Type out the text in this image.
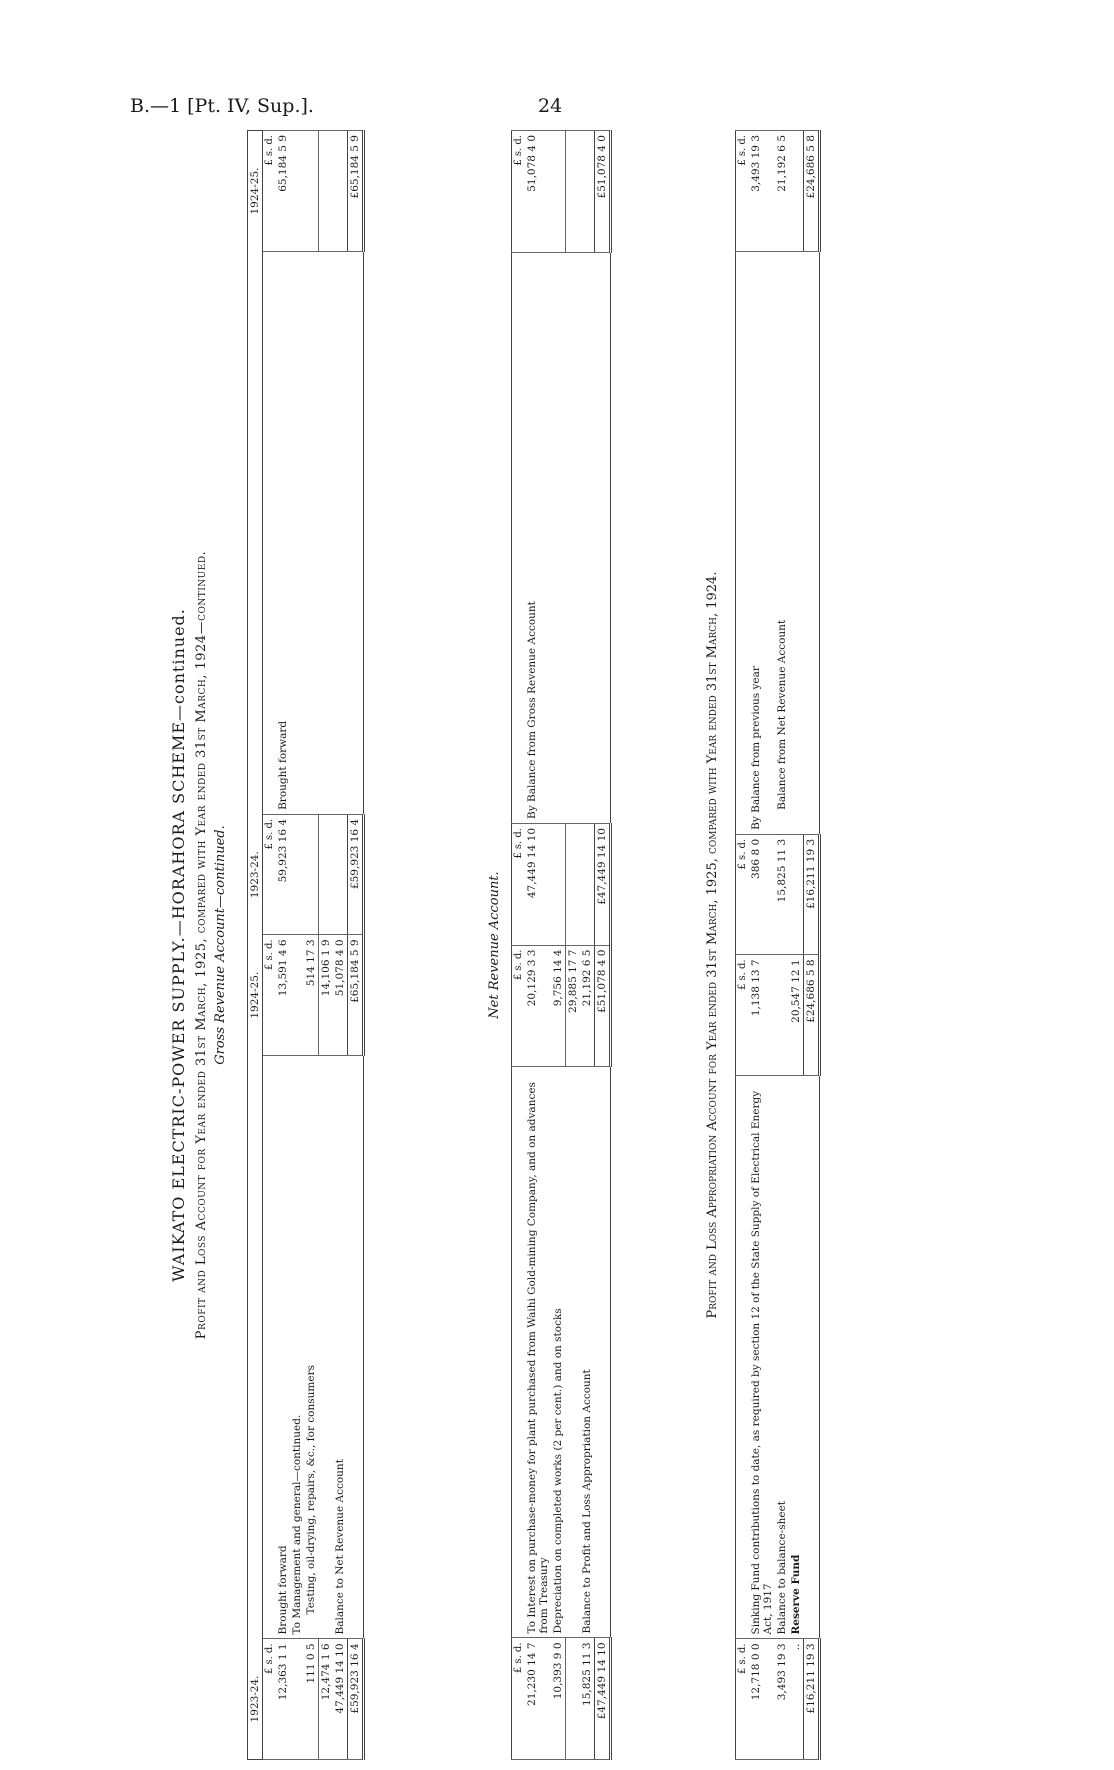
B.—1 [Pt. IV, Sup.].	24
WAIKATO ELECTRIC-POWER SUPPLY.—HORAHORA SCHEME—continued. Profit and Loss Account for Year ended 31st March, 1925, compared with Year ended 31st March, 1924—continued. Gross Revenue Account—continued.
1923-24.		1924-25.	1923-24.		1924-25.
£ s. d.		£ s. d.	£ s. d.		£ s. d.
12,363 1 1	Brought forward	13,591 4 6	59,923 16 4	Brought forward	65,184 5 9
	To Management and general—continued.				
111 0 5	Testing, oil-drying, repairs, &c., for consumers	514 17 3			
12,474 1 6		14,106 1 9			
47,449 14 10	Balance to Net Revenue Account	51,078 4 0			
£59,923 16 4		£65,184 5 9	£59,923 16 4		£65,184 5 9
Net Revenue Account.
£ s. d.		£ s. d.	£ s. d.		£ s. d.
21,230 14 7	To Interest on purchase-money for plant purchased from Waihi Gold-mining Company, and on advances from Treasury	20,129 3 3	47,449 14 10	By Balance from Gross Revenue Account	51,078 4 0
10,393 9 0	Depreciation on completed works (2 per cent.) and on stocks	9,756 14 4			
		29,885 17 7			
15,825 11 3	Balance to Profit and Loss Appropriation Account	21,192 6 5			
£47,449 14 10		£51,078 4 0	£47,449 14 10		£51,078 4 0
Profit and Loss Appropriation Account for Year ended 31st March, 1925, compared with Year ended 31st March, 1924.
£ s. d.		£ s. d.	£ s. d.		£ s. d.
12,718 0 0	Sinking Fund contributions to date, as required by section 12 of the State Supply of Electrical Energy Act, 1917	1,138 13 7	386 8 0	By Balance from previous year	3,493 19 3
3,493 19 3	Balance to balance-sheet		15,825 11 3	Balance from Net Revenue Account	21,192 6 5
..	Reserve Fund	20,547 12 1			
£16,211 19 3		£24,686 5 8	£16,211 19 3		£24,686 5 8
